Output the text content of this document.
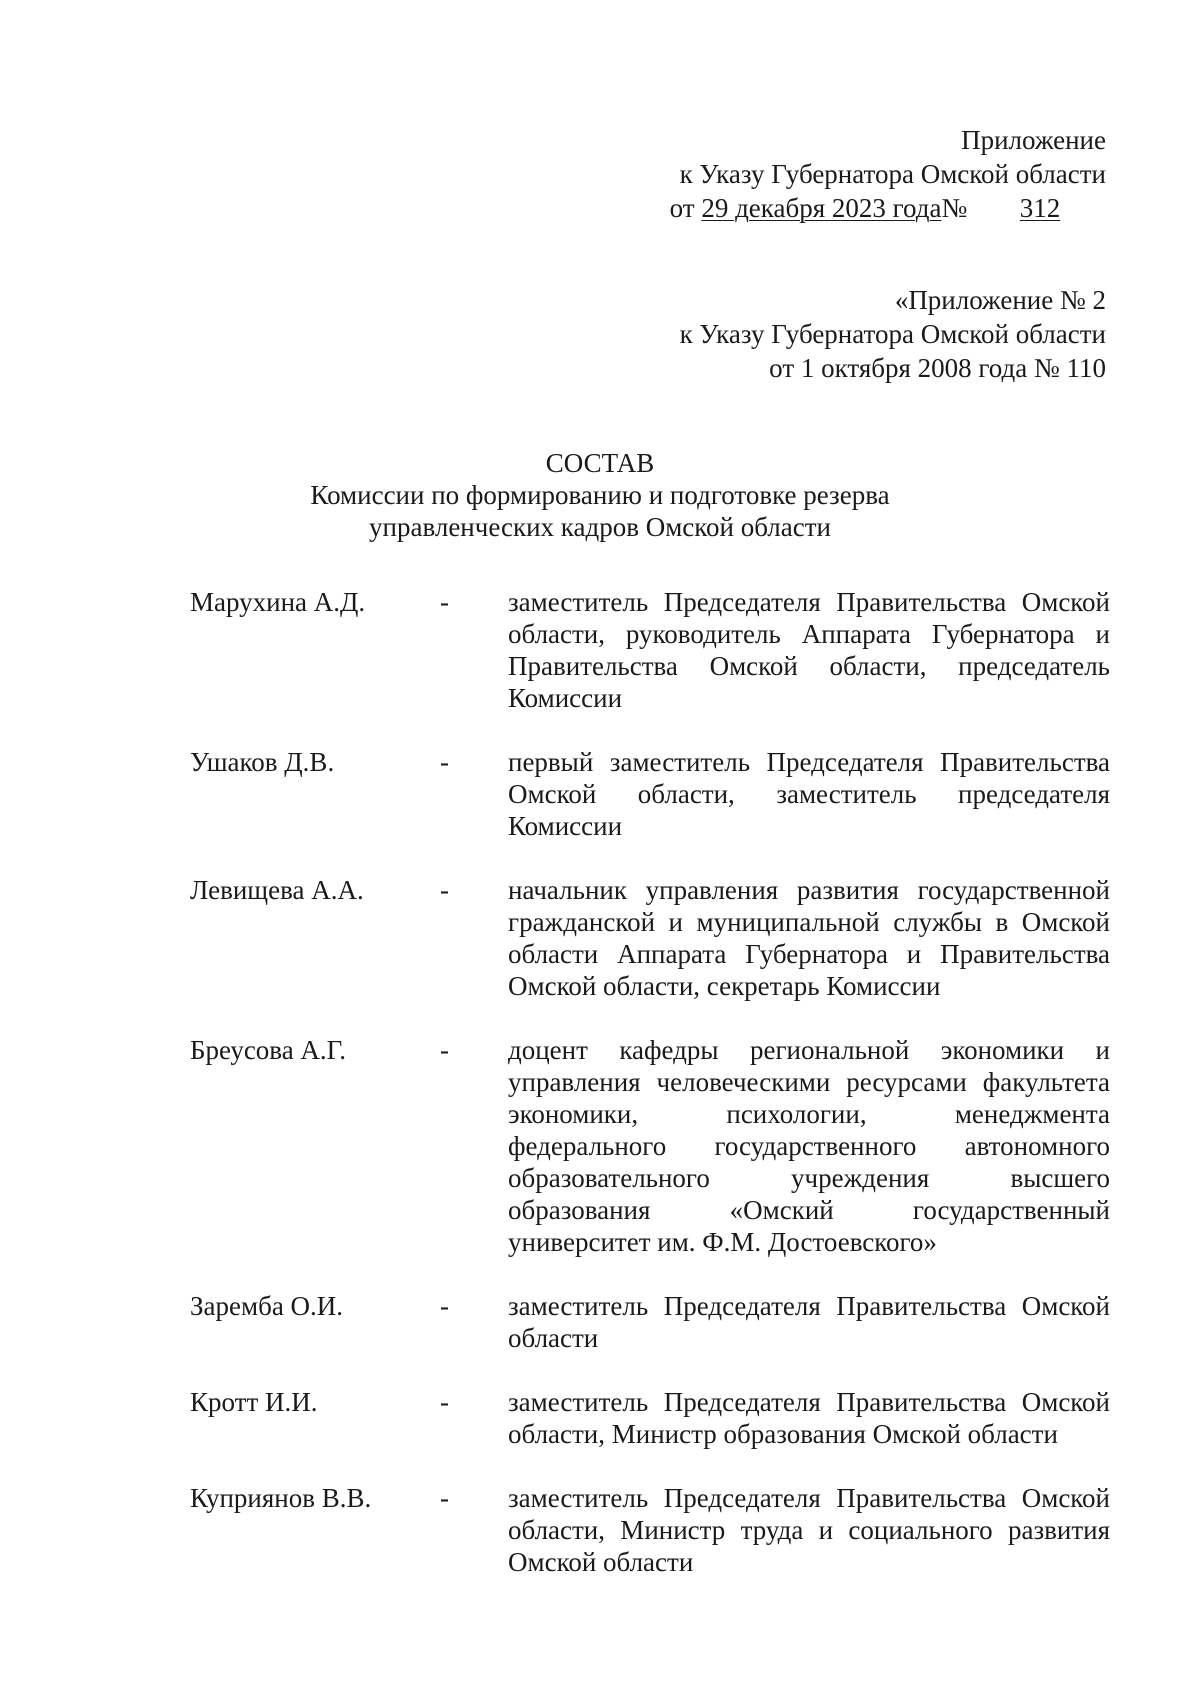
Приложение
к Указу Губернатора Омской области
от 29 декабря 2023 года№ 312
«Приложение № 2
к Указу Губернатора Омской области
от 1 октября 2008 года № 110
СОСТАВ
Комиссии по формированию и подготовке резерва
управленческих кадров Омской области
Марухина А.Д.	-	заместитель Председателя Правительства Омской области, руководитель Аппарата Губернатора и Правительства Омской области, председатель Комиссии
Ушаков Д.В.	-	первый заместитель Председателя Правительства Омской области, заместитель председателя Комиссии
Левищева А.А.	-	начальник управления развития государственной гражданской и муниципальной службы в Омской области Аппарата Губернатора и Правительства Омской области, секретарь Комиссии
Бреусова А.Г.	-	доцент кафедры региональной экономики и управления человеческими ресурсами факультета экономики, психологии, менеджмента федерального государственного автономного образовательного учреждения высшего образования «Омский государственный университет им. Ф.М. Достоевского»
Заремба О.И.	-	заместитель Председателя Правительства Омской области
Кротт И.И.	-	заместитель Председателя Правительства Омской области, Министр образования Омской области
Куприянов В.В.	-	заместитель Председателя Правительства Омской области, Министр труда и социального развития Омской области
